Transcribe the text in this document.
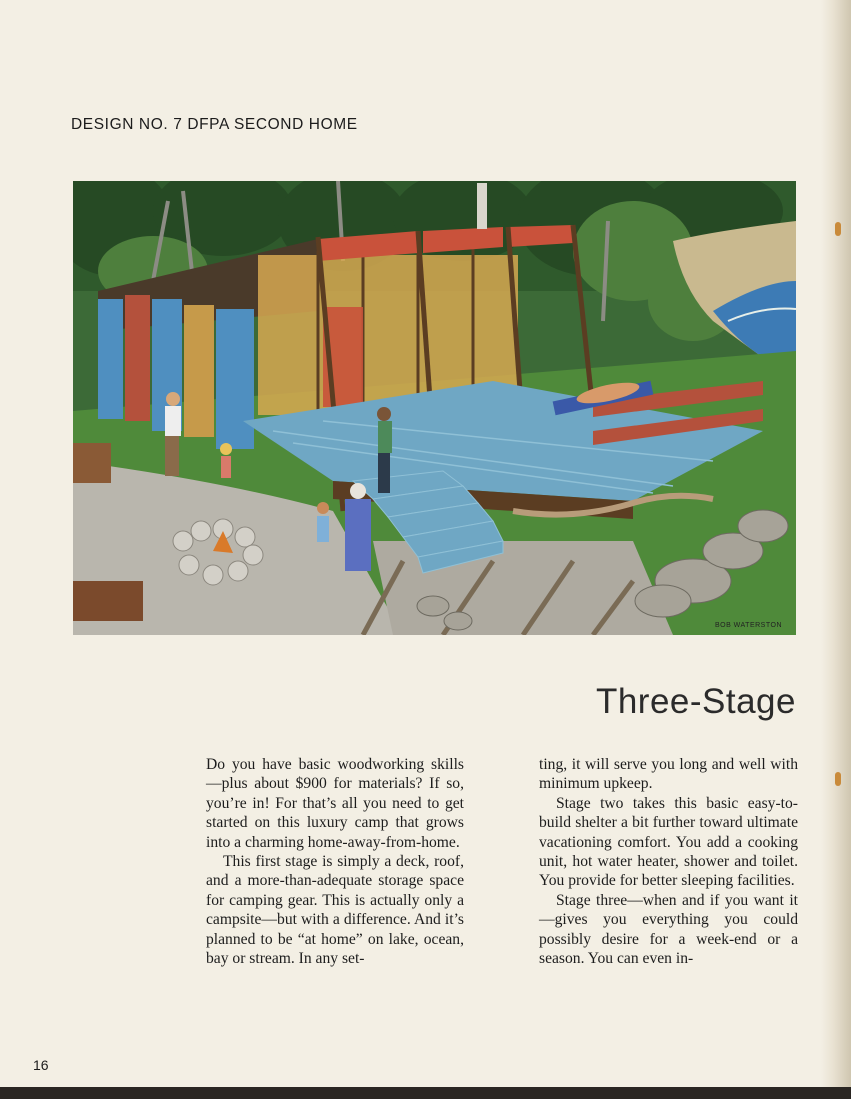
DESIGN NO. 7 DFPA SECOND HOME
BOB WATERSTON
Three-Stage

Do you have basic woodworking skills—plus about $900 for materials? If so, you’re in! For that’s all you need to get started on this luxury camp that grows into a charming home-away-from-home.

This first stage is simply a deck, roof, and a more-than-adequate storage space for camping gear. This is actually only a campsite—but with a difference. And it’s planned to be “at home” on lake, ocean, bay or stream. In any set-

ting, it will serve you long and well with minimum upkeep.

Stage two takes this basic easy-to-build shelter a bit further toward ultimate vacationing comfort. You add a cooking unit, hot water heater, shower and toilet. You provide for better sleeping facilities.

Stage three—when and if you want it—gives you everything you could possibly desire for a week-end or a season. You can even in-

16
